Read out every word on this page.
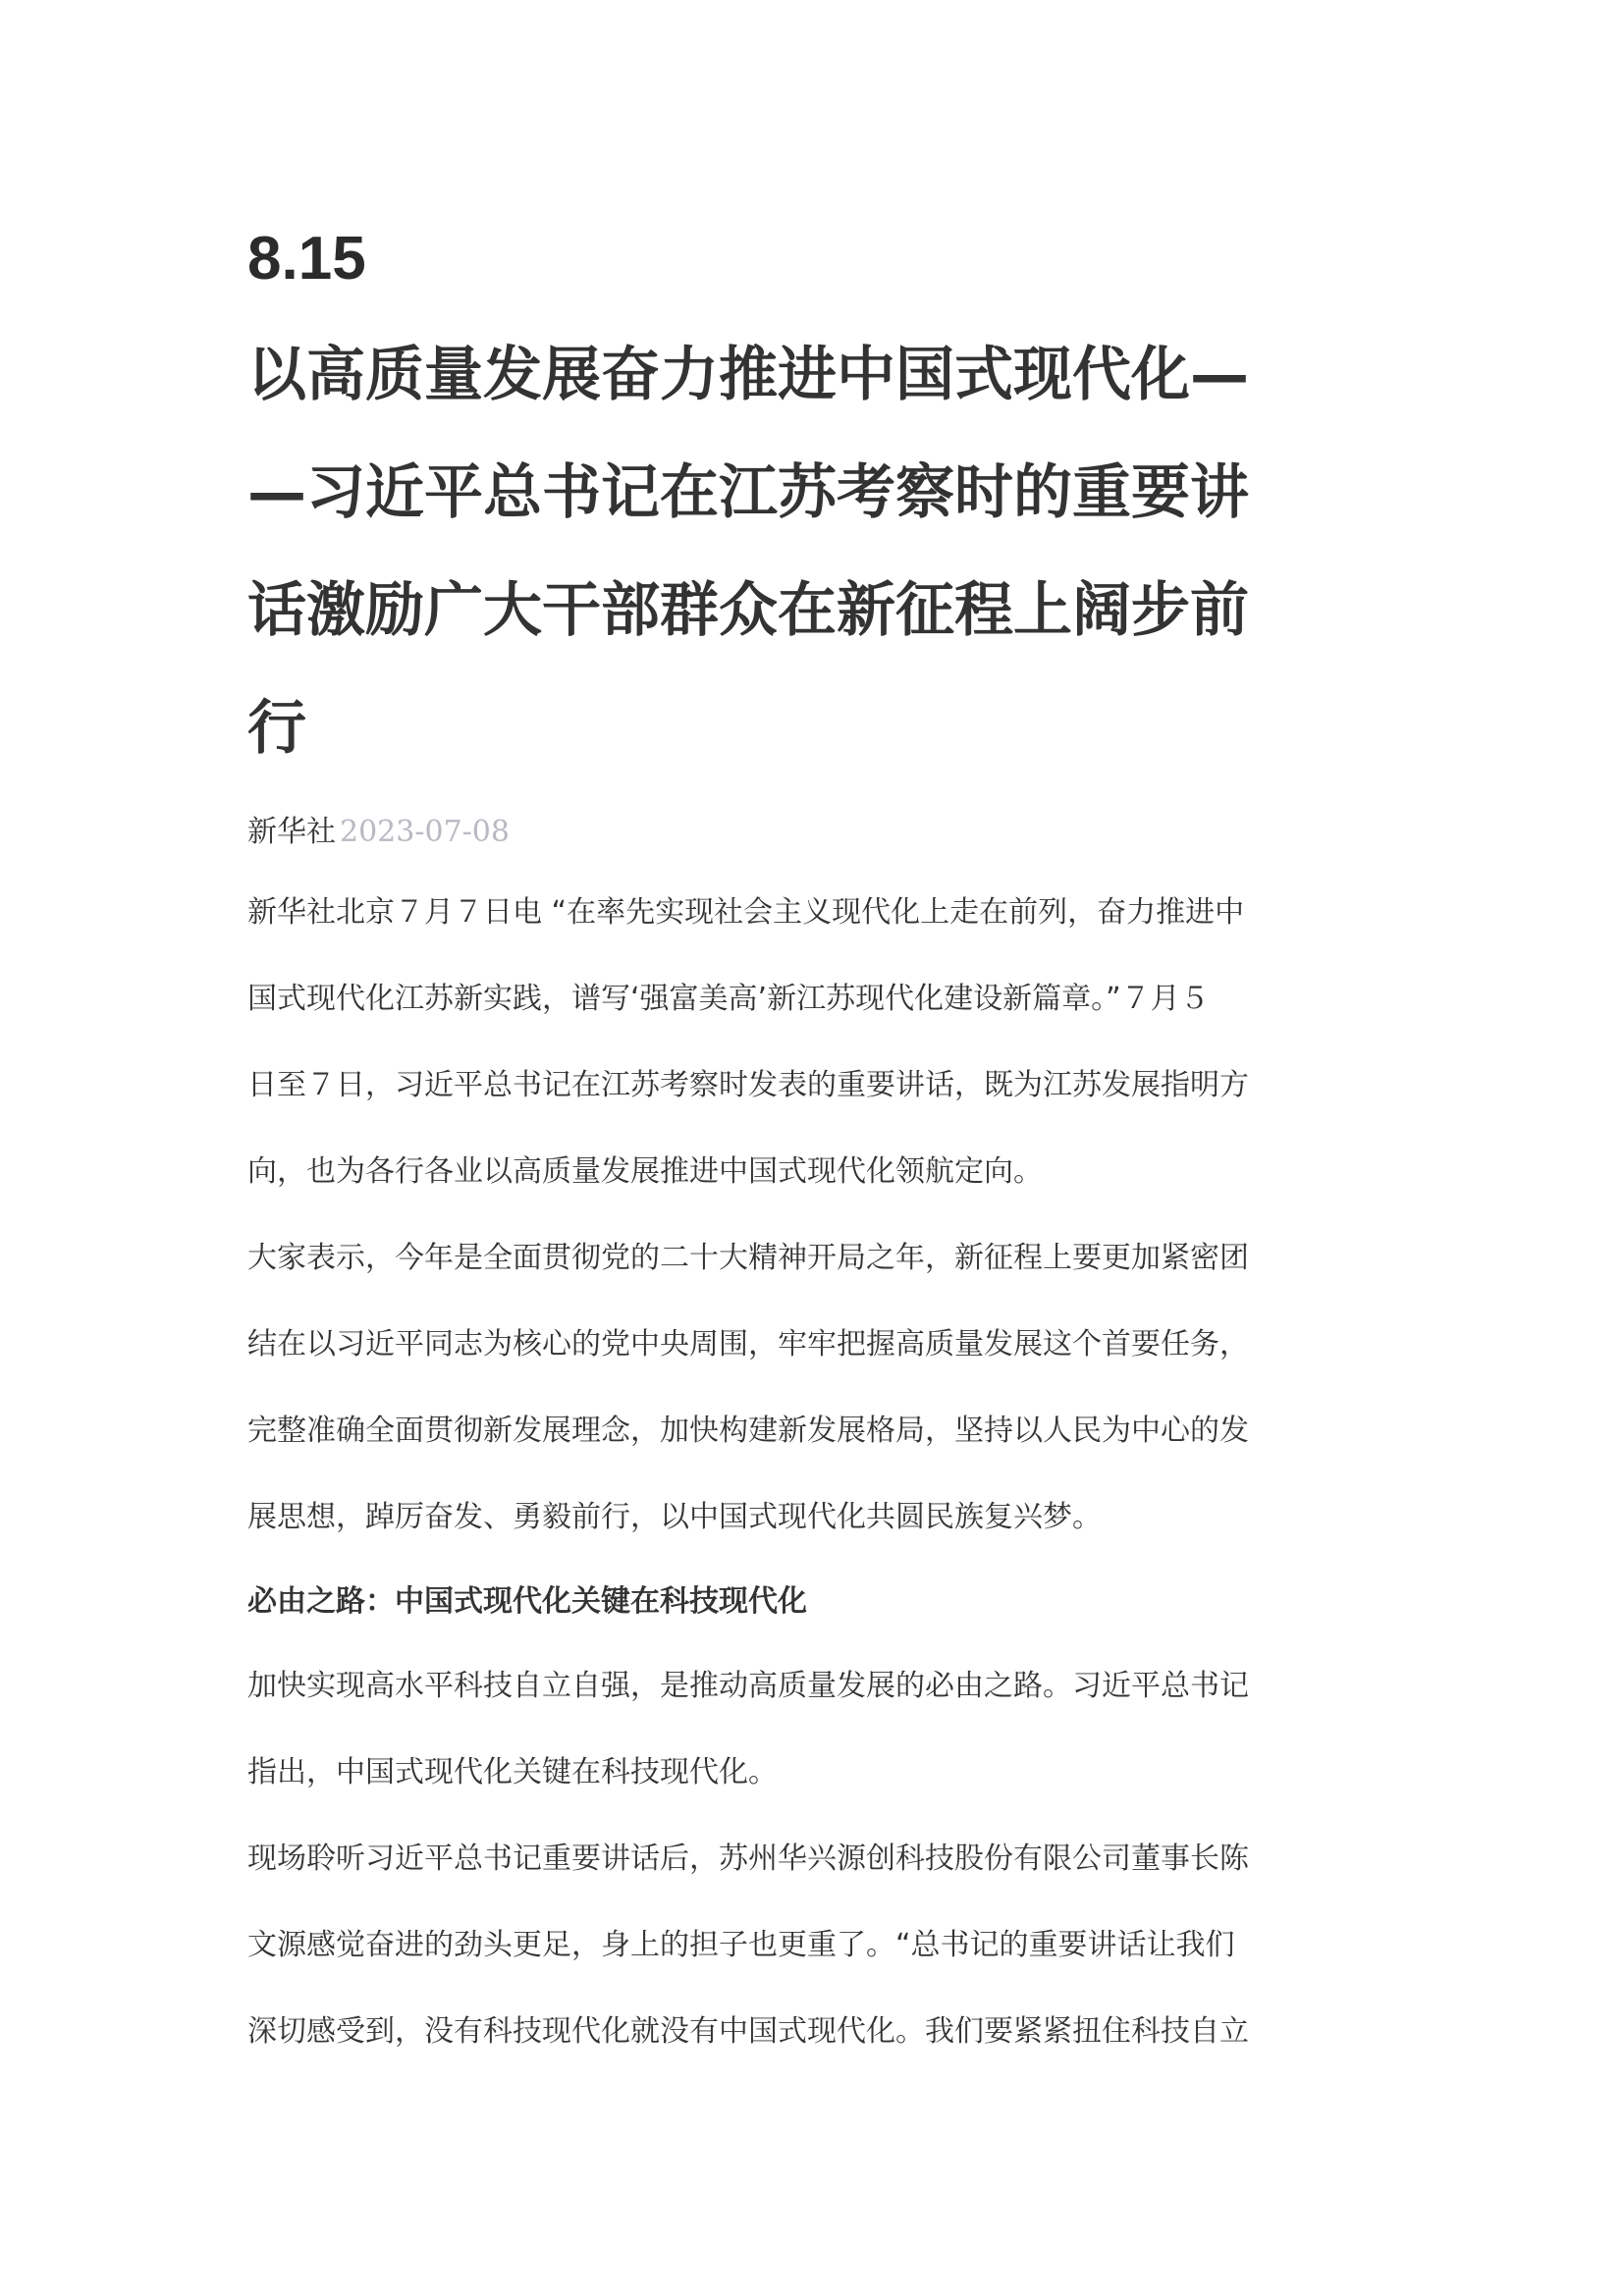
8.15
以高质量发展奋力推进中国式现代化—
—习近平总书记在江苏考察时的重要讲
话激励广大干部群众在新征程上阔步前
行
新华社 2023-07-08

新华社北京７月７日电 “在率先实现社会主义现代化上走在前列，奋力推进中
国式现代化江苏新实践，谱写‘强富美高’新江苏现代化建设新篇章。”７月５
日至７日，习近平总书记在江苏考察时发表的重要讲话，既为江苏发展指明方
向，也为各行各业以高质量发展推进中国式现代化领航定向。

大家表示，今年是全面贯彻党的二十大精神开局之年，新征程上要更加紧密团
结在以习近平同志为核心的党中央周围，牢牢把握高质量发展这个首要任务，
完整准确全面贯彻新发展理念，加快构建新发展格局，坚持以人民为中心的发
展思想，踔厉奋发、勇毅前行，以中国式现代化共圆民族复兴梦。

必由之路：中国式现代化关键在科技现代化

加快实现高水平科技自立自强，是推动高质量发展的必由之路。习近平总书记
指出，中国式现代化关键在科技现代化。

现场聆听习近平总书记重要讲话后，苏州华兴源创科技股份有限公司董事长陈
文源感觉奋进的劲头更足，身上的担子也更重了。“总书记的重要讲话让我们
深切感受到，没有科技现代化就没有中国式现代化。我们要紧紧扭住科技自立
